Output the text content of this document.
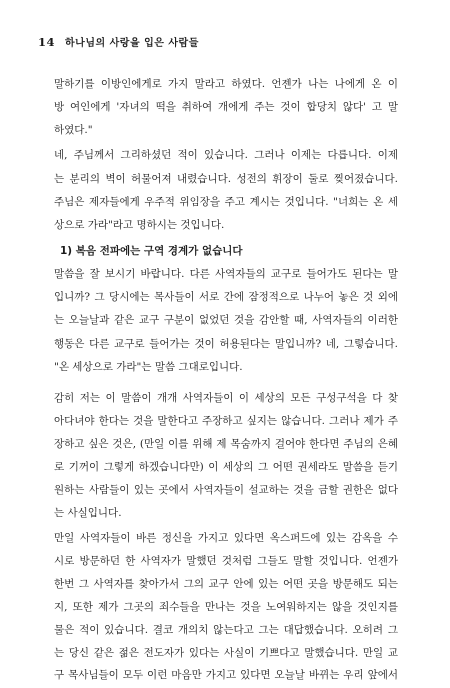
14 하나님의 사랑을 입은 사람들
말하기를 이방인에게로 가지 말라고 하였다. 언젠가 나는 나에게 온 이
방 여인에게 '자녀의 떡을 취하여 개에게 주는 것이 합당치 않다' 고 말
하였다."
네, 주님께서 그리하셨던 적이 있습니다. 그러나 이제는 다릅니다. 이제
는 분리의 벽이 허물어져 내렸습니다. 성전의 휘장이 둘로 찢어졌습니다.
주님은 제자들에게 우주적 위임장을 주고 계시는 것입니다. "너희는 온 세
상으로 가라"라고 명하시는 것입니다.
1) 복음 전파에는 구역 경계가 없습니다
말씀을 잘 보시기 바랍니다. 다른 사역자들의 교구로 들어가도 된다는 말
입니까? 그 당시에는 목사들이 서로 간에 잠정적으로 나누어 놓은 것 외에
는 오늘날과 같은 교구 구분이 없었던 것을 감안할 때, 사역자들의 이러한
행동은 다른 교구로 들어가는 것이 허용된다는 말입니까? 네, 그렇습니다.
"온 세상으로 가라"는 말씀 그대로입니다.
감히 저는 이 말씀이 개개 사역자들이 이 세상의 모든 구성구석을 다 찾
아다녀야 한다는 것을 말한다고 주장하고 싶지는 않습니다. 그러나 제가 주
장하고 싶은 것은, (만일 이를 위해 제 목숨까지 걸어야 한다면 주님의 은혜
로 기꺼이 그렇게 하겠습니다만) 이 세상의 그 어떤 권세라도 말씀을 듣기
원하는 사람들이 있는 곳에서 사역자들이 설교하는 것을 금할 권한은 없다
는 사실입니다.
만일 사역자들이 바른 정신을 가지고 있다면 옥스퍼드에 있는 감옥을 수
시로 방문하던 한 사역자가 말했던 것처럼 그들도 말할 것입니다. 언젠가
한번 그 사역자를 찾아가서 그의 교구 안에 있는 어떤 곳을 방문해도 되는
지, 또한 제가 그곳의 죄수들을 만나는 것을 노여워하지는 않을 것인지를
물은 적이 있습니다. 결코 개의치 않는다고 그는 대답했습니다. 오히려 그
는 당신 같은 젊은 전도자가 있다는 사실이 기쁘다고 말했습니다. 만일 교
구 목사님들이 모두 이런 마음만 가지고 있다면 오늘날 바뀌는 우리 앞에서
